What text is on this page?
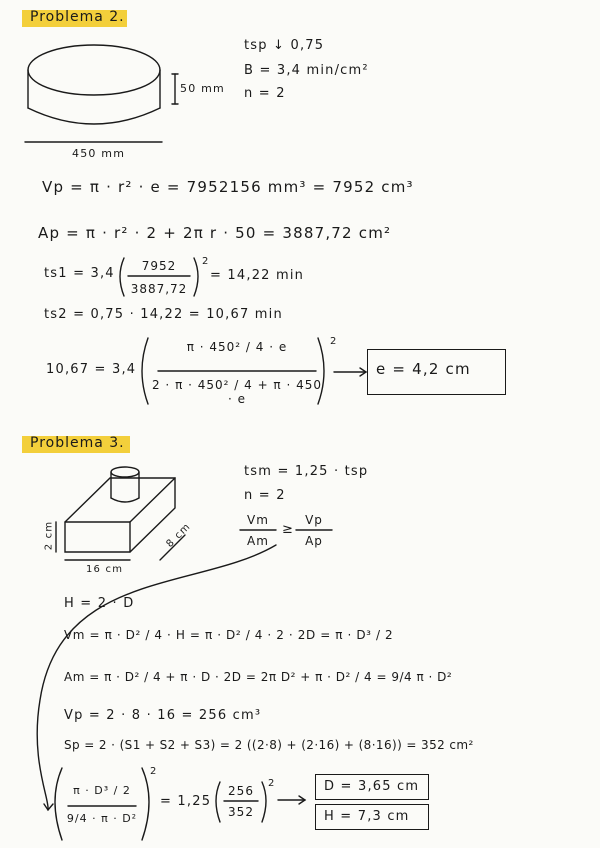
Problema 2.
50 mm
450 mm
tsp ↓ 0,75
B = 3,4 min/cm²
n = 2
Vp = π · r² · e = 7952156 mm³ = 7952 cm³
Ap = π · r² · 2 + 2π r · 50 = 3887,72 cm²
ts1 = 3,4	7952
3887,72
2
= 14,22 min
ts2 = 0,75 · 14,22 = 10,67 min
10,67 = 3,4
π · 450² / 4 · e
2 · π · 450² / 4 + π · 450 · e
2
e = 4,2 cm
Problema 3.
2 cm	8 cm
16 cm
tsm = 1,25 · tsp
n = 2
Vm
Am
≥
Vp
Ap
H = 2 · D
Vm = π · D² / 4 · H = π · D² / 4 · 2 · 2D = π · D³ / 2
Am = π · D² / 4 + π · D · 2D = 2π D² + π · D² / 4 = 9/4 π · D²
Vp = 2 · 8 · 16 = 256 cm³
Sp = 2 · (S1 + S2 + S3) = 2 ((2·8) + (2·16) + (8·16)) = 352 cm²
π · D³ / 2
9/4 · π · D²
2
= 1,25
256
352
2	D = 3,65 cm
H = 7,3 cm
